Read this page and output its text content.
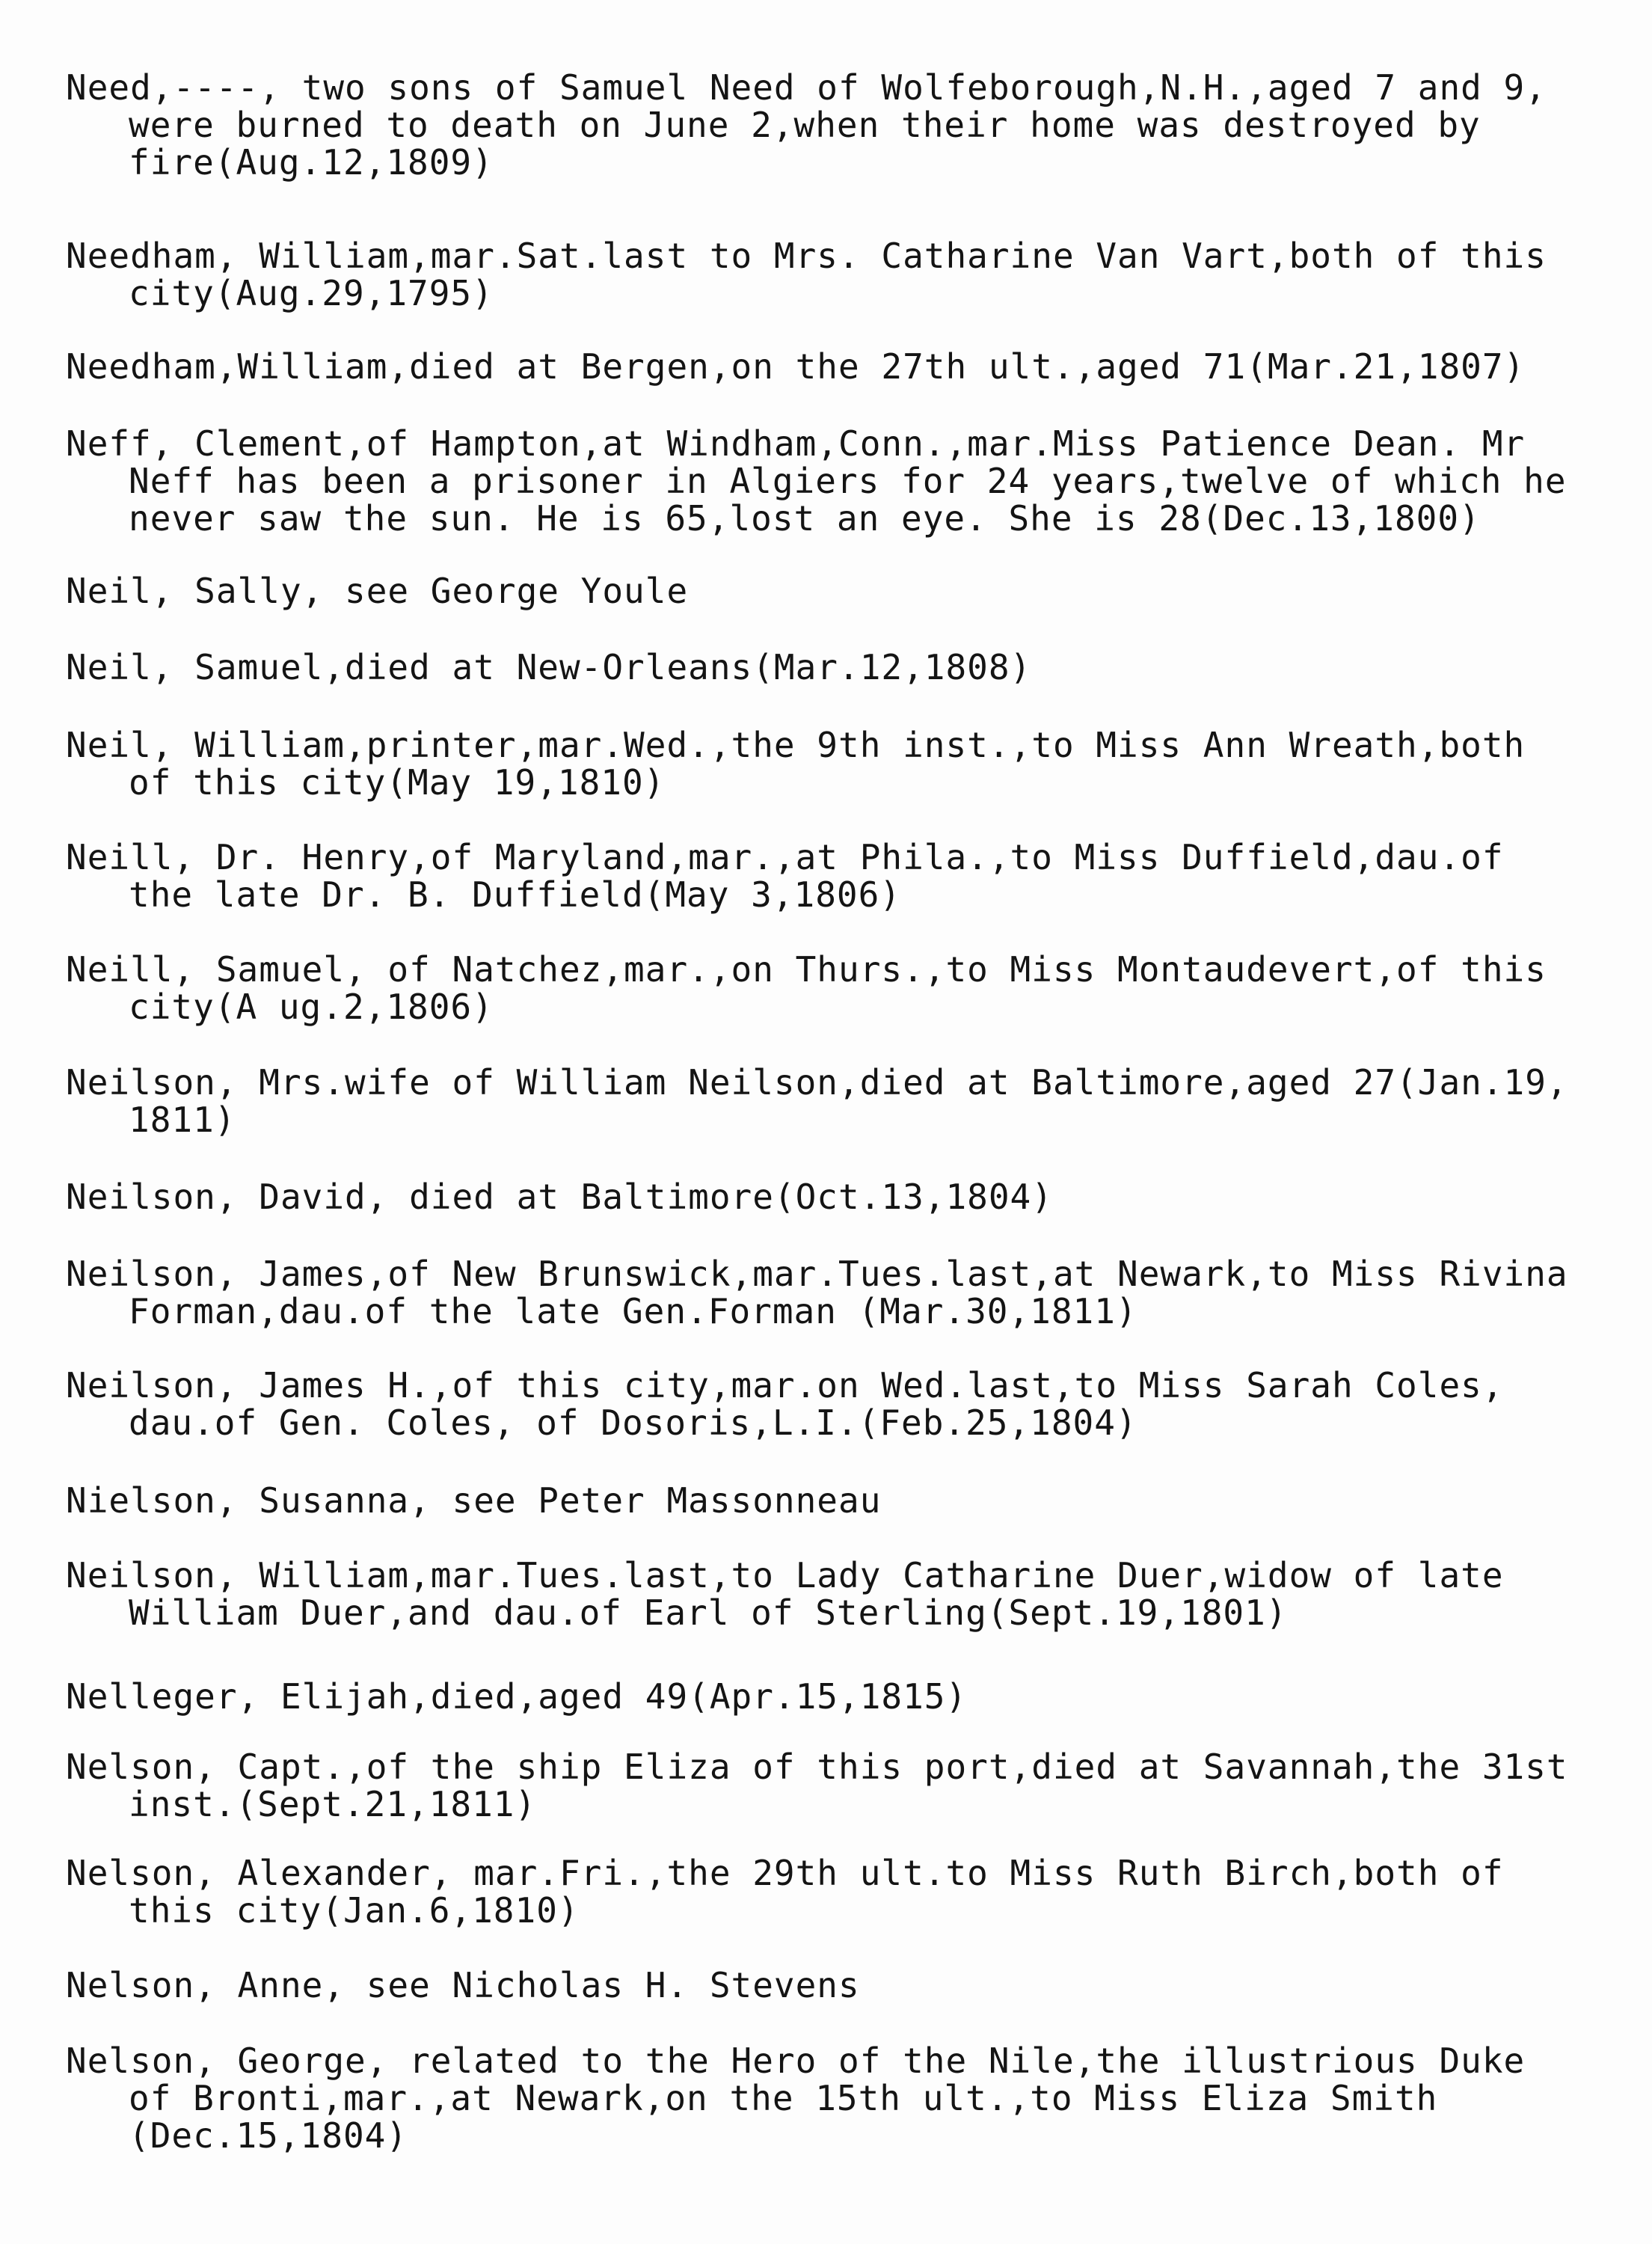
Need,----, two sons of Samuel Need of Wolfeborough,N.H.,aged 7 and 9,
were burned to death on June 2,when their home was destroyed by
fire(Aug.12,1809)
Needham, William,mar.Sat.last to Mrs. Catharine Van Vart,both of this
city(Aug.29,1795)
Needham,William,died at Bergen,on the 27th ult.,aged 71(Mar.21,1807)
Neff, Clement,of Hampton,at Windham,Conn.,mar.Miss Patience Dean. Mr
Neff has been a prisoner in Algiers for 24 years,twelve of which he
never saw the sun. He is 65,lost an eye. She is 28(Dec.13,1800)
Neil, Sally, see George Youle
Neil, Samuel,died at New-Orleans(Mar.12,1808)
Neil, William,printer,mar.Wed.,the 9th inst.,to Miss Ann Wreath,both
of this city(May 19,1810)
Neill, Dr. Henry,of Maryland,mar.,at Phila.,to Miss Duffield,dau.of
the late Dr. B. Duffield(May 3,1806)
Neill, Samuel, of Natchez,mar.,on Thurs.,to Miss Montaudevert,of this
city(A ug.2,1806)
Neilson, Mrs.wife of William Neilson,died at Baltimore,aged 27(Jan.19,
1811)
Neilson, David, died at Baltimore(Oct.13,1804)
Neilson, James,of New Brunswick,mar.Tues.last,at Newark,to Miss Rivina
Forman,dau.of the late Gen.Forman (Mar.30,1811)
Neilson, James H.,of this city,mar.on Wed.last,to Miss Sarah Coles,
dau.of Gen. Coles, of Dosoris,L.I.(Feb.25,1804)
Nielson, Susanna, see Peter Massonneau
Neilson, William,mar.Tues.last,to Lady Catharine Duer,widow of late
William Duer,and dau.of Earl of Sterling(Sept.19,1801)
Nelleger, Elijah,died,aged 49(Apr.15,1815)
Nelson, Capt.,of the ship Eliza of this port,died at Savannah,the 31st
inst.(Sept.21,1811)
Nelson, Alexander, mar.Fri.,the 29th ult.to Miss Ruth Birch,both of
this city(Jan.6,1810)
Nelson, Anne, see Nicholas H. Stevens
Nelson, George, related to the Hero of the Nile,the illustrious Duke
of Bronti,mar.,at Newark,on the 15th ult.,to Miss Eliza Smith
(Dec.15,1804)
